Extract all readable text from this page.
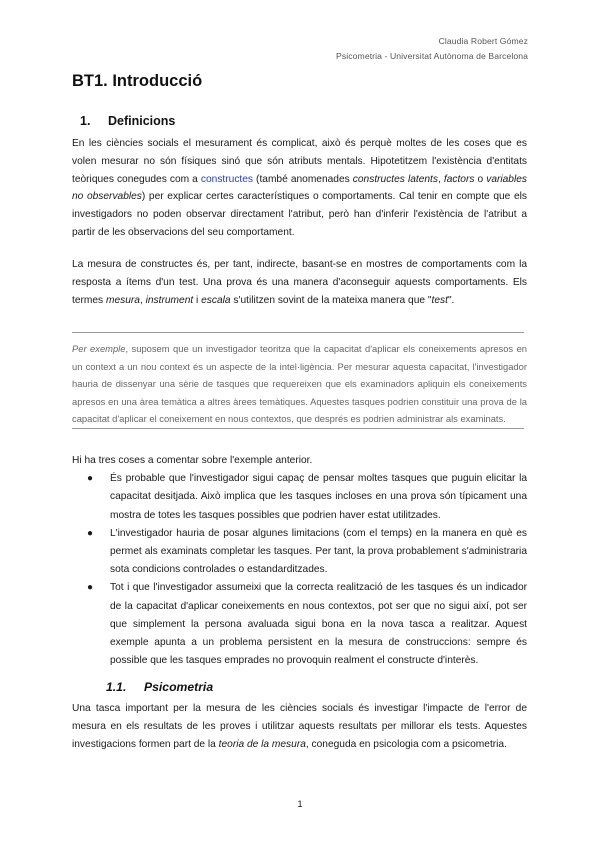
Claudia Robert Gómez
Psicometria - Universitat Autònoma de Barcelona
BT1. Introducció
1. Definicions

En les ciències socials el mesurament és complicat, això és perquè moltes de les coses que es volen mesurar no són físiques sinó que són atributs mentals. Hipotetitzem l'existència d'entitats teòriques conegudes com a constructes (també anomenades constructes latents, factors o variables no observables) per explicar certes característiques o comportaments. Cal tenir en compte que els investigadors no poden observar directament l'atribut, però han d'inferir l'existència de l'atribut a partir de les observacions del seu comportament.

La mesura de constructes és, per tant, indirecte, basant-se en mostres de comportaments com la resposta a ítems d'un test. Una prova és una manera d'aconseguir aquests comportaments. Els termes mesura, instrument i escala s'utilitzen sovint de la mateixa manera que "test".

Per exemple, suposem que un investigador teoritza que la capacitat d'aplicar els coneixements apresos en un context a un nou context és un aspecte de la intel·ligència. Per mesurar aquesta capacitat, l'investigador hauria de dissenyar una sèrie de tasques que requereixen que els examinadors apliquin els coneixements apresos en una àrea temàtica a altres àrees temàtiques. Aquestes tasques podrien constituir una prova de la capacitat d'aplicar el coneixement en nous contextos, que després es podrien administrar als examinats.

Hi ha tres coses a comentar sobre l'exemple anterior.

● És probable que l'investigador sigui capaç de pensar moltes tasques que puguin elicitar la capacitat desitjada. Això implica que les tasques incloses en una prova són típicament una mostra de totes les tasques possibles que podrien haver estat utilitzades.
● L'investigador hauria de posar algunes limitacions (com el temps) en la manera en què es permet als examinats completar les tasques. Per tant, la prova probablement s'administraria sota condicions controlades o estandarditzades.
● Tot i que l'investigador assumeixi que la correcta realització de les tasques és un indicador de la capacitat d'aplicar coneixements en nous contextos, pot ser que no sigui així, pot ser que simplement la persona avaluada sigui bona en la nova tasca a realitzar. Aquest exemple apunta a un problema persistent en la mesura de construccions: sempre és possible que les tasques emprades no provoquin realment el constructe d'interès.
1.1. Psicometria

Una tasca important per la mesura de les ciències socials és investigar l'impacte de l'error de mesura en els resultats de les proves i utilitzar aquests resultats per millorar els tests. Aquestes investigacions formen part de la teoria de la mesura, coneguda en psicologia com a psicometria.

1
